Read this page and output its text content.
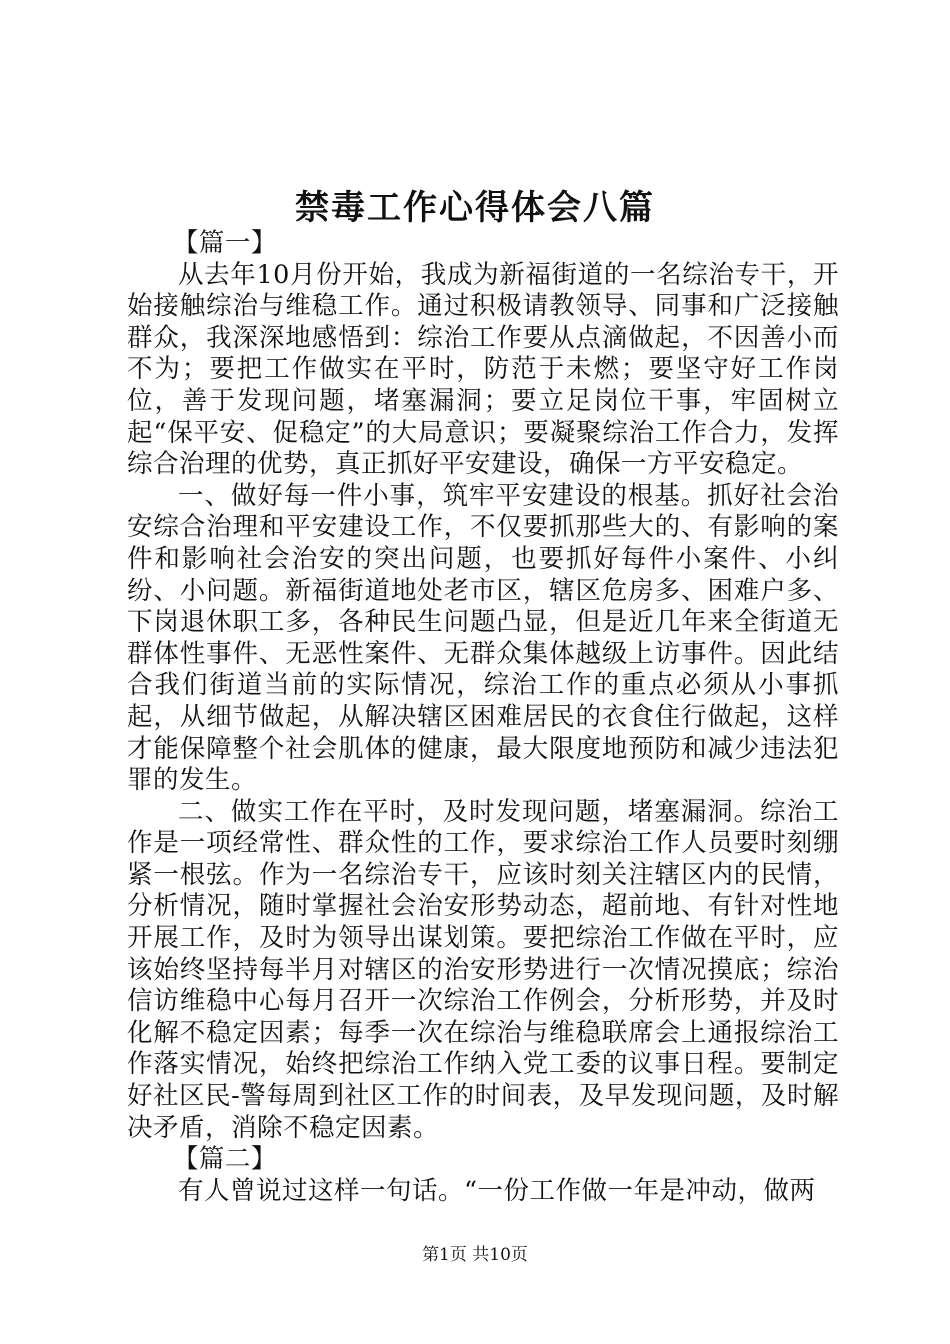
禁毒工作心得体会八篇

【篇一】

从去年10月份开始，我成为新福街道的一名综治专干，开始接触综治与维稳工作。通过积极请教领导、同事和广泛接触群众，我深深地感悟到：综治工作要从点滴做起，不因善小而不为；要把工作做实在平时，防范于未燃；要坚守好工作岗位，善于发现问题，堵塞漏洞；要立足岗位干事，牢固树立起“保平安、促稳定”的大局意识；要凝聚综治工作合力，发挥综合治理的优势，真正抓好平安建设，确保一方平安稳定。

一、做好每一件小事，筑牢平安建设的根基。抓好社会治安综合治理和平安建设工作，不仅要抓那些大的、有影响的案件和影响社会治安的突出问题，也要抓好每件小案件、小纠纷、小问题。新福街道地处老市区，辖区危房多、困难户多、下岗退休职工多，各种民生问题凸显，但是近几年来全街道无群体性事件、无恶性案件、无群众集体越级上访事件。因此结合我们街道当前的实际情况，综治工作的重点必须从小事抓起，从细节做起，从解决辖区困难居民的衣食住行做起，这样才能保障整个社会肌体的健康，最大限度地预防和减少违法犯罪的发生。

二、做实工作在平时，及时发现问题，堵塞漏洞。综治工作是一项经常性、群众性的工作，要求综治工作人员要时刻绷紧一根弦。作为一名综治专干，应该时刻关注辖区内的民情，分析情况，随时掌握社会治安形势动态，超前地、有针对性地开展工作，及时为领导出谋划策。要把综治工作做在平时，应该始终坚持每半月对辖区的治安形势进行一次情况摸底；综治信访维稳中心每月召开一次综治工作例会，分析形势，并及时化解不稳定因素；每季一次在综治与维稳联席会上通报综治工作落实情况，始终把综治工作纳入党工委的议事日程。要制定好社区民-警每周到社区工作的时间表，及早发现问题，及时解决矛盾，消除不稳定因素。

【篇二】

有人曾说过这样一句话。“一份工作做一年是冲动，做两

第1页 共10页
